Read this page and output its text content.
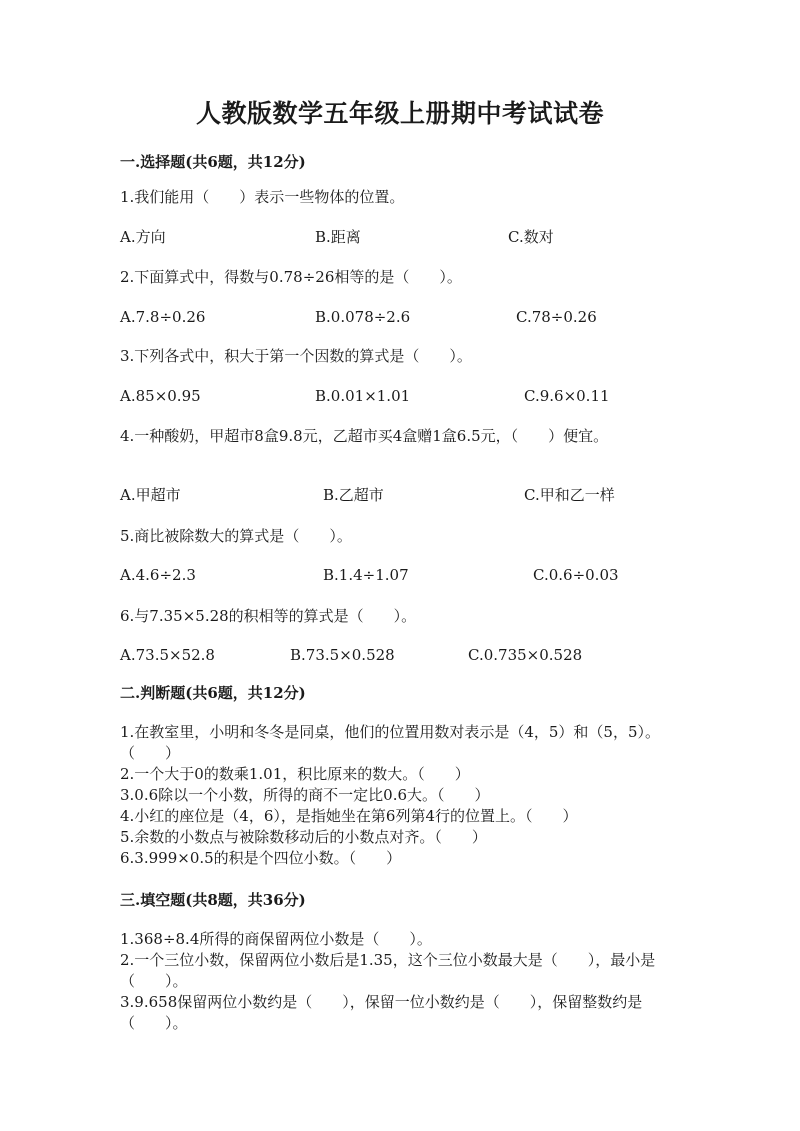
人教版数学五年级上册期中考试试卷
一.选择题(共6题，共12分)
1.我们能用（　　）表示一些物体的位置。
A.方向	B.距离	C.数对
2.下面算式中，得数与0.78÷26相等的是（　　）。
A.7.8÷0.26	B.0.078÷2.6	C.78÷0.26
3.下列各式中，积大于第一个因数的算式是（　　）。
A.85×0.95	B.0.01×1.01	C.9.6×0.11
4.一种酸奶，甲超市8盒9.8元，乙超市买4盒赠1盒6.5元，（　　）便宜。
A.甲超市	B.乙超市	C.甲和乙一样
5.商比被除数大的算式是（　　）。
A.4.6÷2.3	B.1.4÷1.07	C.0.6÷0.03
6.与7.35×5.28的积相等的算式是（　　）。
A.73.5×52.8	B.73.5×0.528	C.0.735×0.528
二.判断题(共6题，共12分)
1.在教室里，小明和冬冬是同桌，他们的位置用数对表示是（4，5）和（5，5）。（　　）
2.一个大于0的数乘1.01，积比原来的数大。（　　）
3.0.6除以一个小数，所得的商不一定比0.6大。（　　）
4.小红的座位是（4，6），是指她坐在第6列第4行的位置上。（　　）
5.余数的小数点与被除数移动后的小数点对齐。（　　）
6.3.999×0.5的积是个四位小数。（　　）
三.填空题(共8题，共36分)
1.368÷8.4所得的商保留两位小数是（　　）。
2.一个三位小数，保留两位小数后是1.35，这个三位小数最大是（　　），最小是（　　）。
3.9.658保留两位小数约是（　　），保留一位小数约是（　　），保留整数约是（　　）。
